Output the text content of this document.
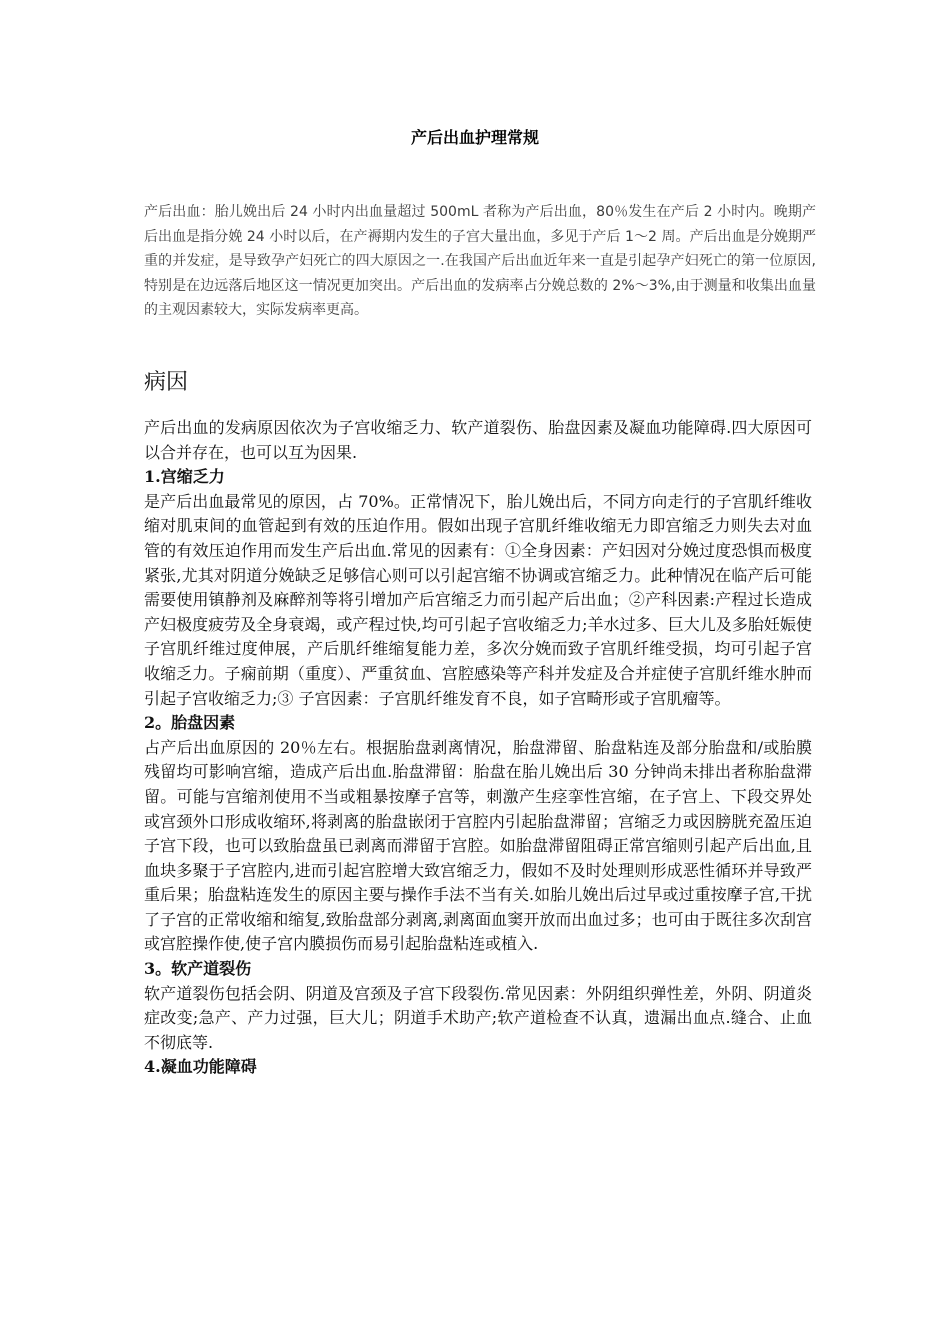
产后出血护理常规

产后出血：胎儿娩出后 24 小时内出血量超过 500mL 者称为产后出血，80％发生在产后 2 小时内。晚期产后出血是指分娩 24 小时以后，在产褥期内发生的子宫大量出血，多见于产后 1～2 周。产后出血是分娩期严重的并发症，是导致孕产妇死亡的四大原因之一.在我国产后出血近年来一直是引起孕产妇死亡的第一位原因,特别是在边远落后地区这一情况更加突出。产后出血的发病率占分娩总数的 2%～3%,由于测量和收集出血量的主观因素较大，实际发病率更高。

病因

产后出血的发病原因依次为子宫收缩乏力、软产道裂伤、胎盘因素及凝血功能障碍.四大原因可以合并存在，也可以互为因果.

1.宫缩乏力

是产后出血最常见的原因，占 70%。正常情况下，胎儿娩出后，不同方向走行的子宫肌纤维收缩对肌束间的血管起到有效的压迫作用。假如出现子宫肌纤维收缩无力即宫缩乏力则失去对血管的有效压迫作用而发生产后出血.常见的因素有：①全身因素：产妇因对分娩过度恐惧而极度紧张,尤其对阴道分娩缺乏足够信心则可以引起宫缩不协调或宫缩乏力。此种情况在临产后可能需要使用镇静剂及麻醉剂等将引增加产后宫缩乏力而引起产后出血；②产科因素:产程过长造成产妇极度疲劳及全身衰竭，或产程过快,均可引起子宫收缩乏力;羊水过多、巨大儿及多胎妊娠使子宫肌纤维过度伸展，产后肌纤维缩复能力差，多次分娩而致子宫肌纤维受损，均可引起子宫收缩乏力。子痫前期（重度）、严重贫血、宫腔感染等产科并发症及合并症使子宫肌纤维水肿而引起子宫收缩乏力;③ 子宫因素：子宫肌纤维发育不良，如子宫畸形或子宫肌瘤等。

2。胎盘因素

占产后出血原因的 20％左右。根据胎盘剥离情况，胎盘滞留、胎盘粘连及部分胎盘和/或胎膜残留均可影响宫缩，造成产后出血.胎盘滞留：胎盘在胎儿娩出后 30 分钟尚未排出者称胎盘滞留。可能与宫缩剂使用不当或粗暴按摩子宫等，刺激产生痉挛性宫缩，在子宫上、下段交界处或宫颈外口形成收缩环,将剥离的胎盘嵌闭于宫腔内引起胎盘滞留；宫缩乏力或因膀胱充盈压迫子宫下段，也可以致胎盘虽已剥离而滞留于宫腔。如胎盘滞留阻碍正常宫缩则引起产后出血,且血块多聚于子宫腔内,进而引起宫腔增大致宫缩乏力，假如不及时处理则形成恶性循环并导致严重后果；胎盘粘连发生的原因主要与操作手法不当有关.如胎儿娩出后过早或过重按摩子宫,干扰了子宫的正常收缩和缩复,致胎盘部分剥离,剥离面血窦开放而出血过多；也可由于既往多次刮宫或宫腔操作使,使子宫内膜损伤而易引起胎盘粘连或植入.

3。软产道裂伤

软产道裂伤包括会阴、阴道及宫颈及子宫下段裂伤.常见因素：外阴组织弹性差，外阴、阴道炎症改变;急产、产力过强，巨大儿；阴道手术助产;软产道检查不认真，遗漏出血点.缝合、止血不彻底等.

4.凝血功能障碍
